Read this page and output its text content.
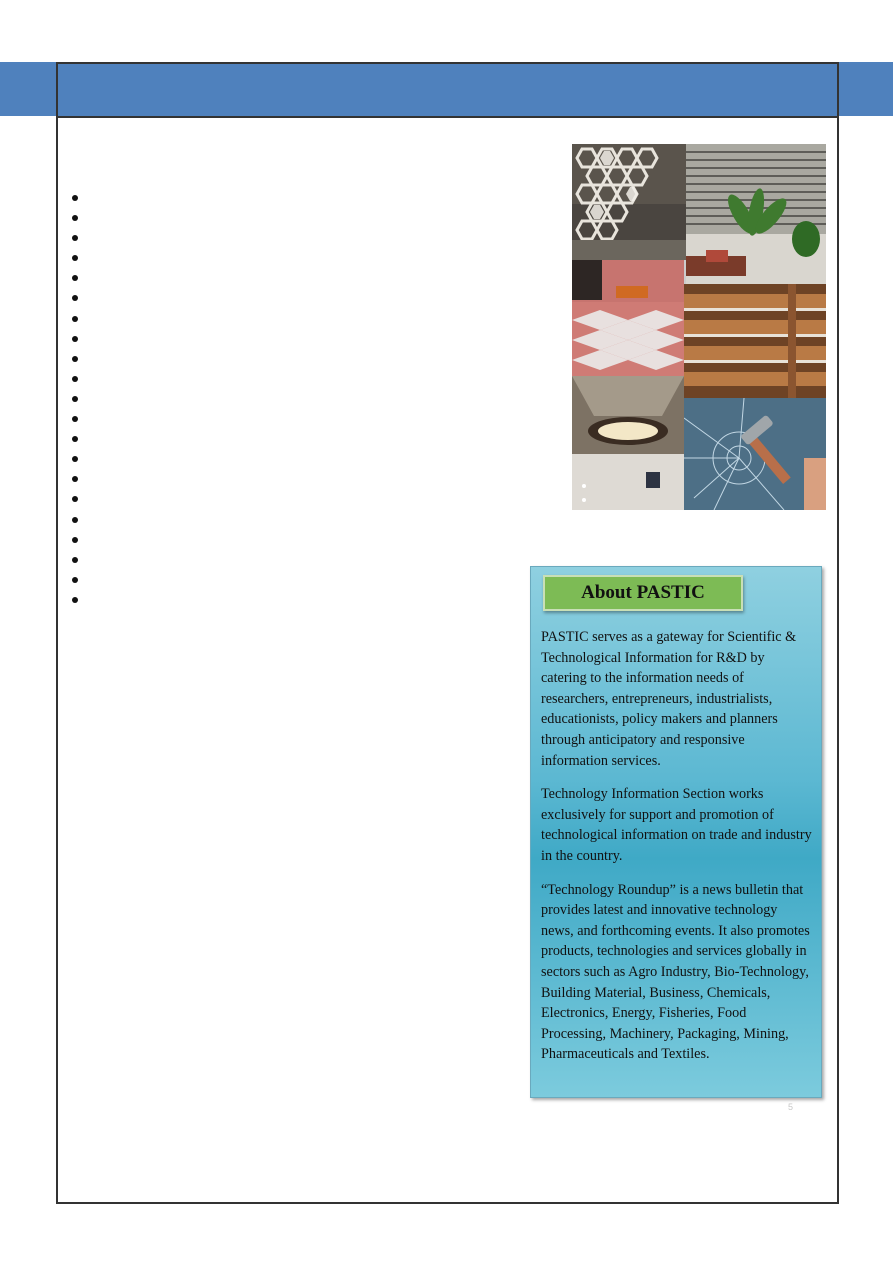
About PASTIC

PASTIC serves as a gateway for Scientific & Technological Information for R&D by catering to the information needs of researchers, entrepreneurs, industrialists, educationists, policy makers and planners through anticipatory and responsive information services.

Technology Information Section works exclusively for support and promotion of technological information on trade and industry in the country.

“Technology Roundup” is a news bulletin that provides latest and innovative technology news, and forthcoming events. It also promotes products, technologies and services globally in sectors such as Agro Industry, Bio-Technology, Building Material, Business, Chemicals, Electronics, Energy, Fisheries, Food Processing, Machinery, Packaging, Mining, Pharmaceuticals and Textiles.

5
